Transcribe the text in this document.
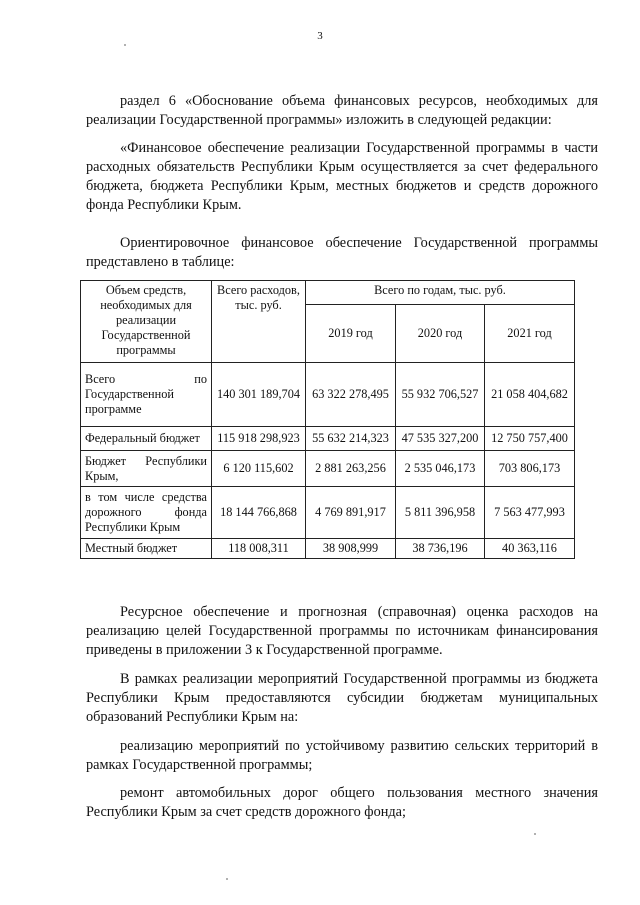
3

раздел 6 «Обоснование объема финансовых ресурсов, необходимых для реализации Государственной программы» изложить в следующей редакции:

«Финансовое обеспечение реализации Государственной программы в части расходных обязательств Республики Крым осуществляется за счет федерального бюджета, бюджета Республики Крым, местных бюджетов и средств дорожного фонда Республики Крым.

Ориентировочное финансовое обеспечение Государственной программы представлено в таблице:

Объем средств, необходимых для реализации Государственной программы	Всего расходов, тыс. руб.	Всего по годам, тыс. руб.		
		2019 год	2020 год	2021 год
Всего по Государственной программе	140 301 189,704	63 322 278,495	55 932 706,527	21 058 404,682
Федеральный бюджет	115 918 298,923	55 632 214,323	47 535 327,200	12 750 757,400
Бюджет Республики Крым,	6 120 115,602	2 881 263,256	2 535 046,173	703 806,173
в том числе средства дорожного фонда Республики Крым	18 144 766,868	4 769 891,917	5 811 396,958	7 563 477,993
Местный бюджет	118 008,311	38 908,999	38 736,196	40 363,116

Ресурсное обеспечение и прогнозная (справочная) оценка расходов на реализацию целей Государственной программы по источникам финансирования приведены в приложении 3 к Государственной программе.

В рамках реализации мероприятий Государственной программы из бюджета Республики Крым предоставляются субсидии бюджетам муниципальных образований Республики Крым на:

реализацию мероприятий по устойчивому развитию сельских территорий в рамках Государственной программы;

ремонт автомобильных дорог общего пользования местного значения Республики Крым за счет средств дорожного фонда;
